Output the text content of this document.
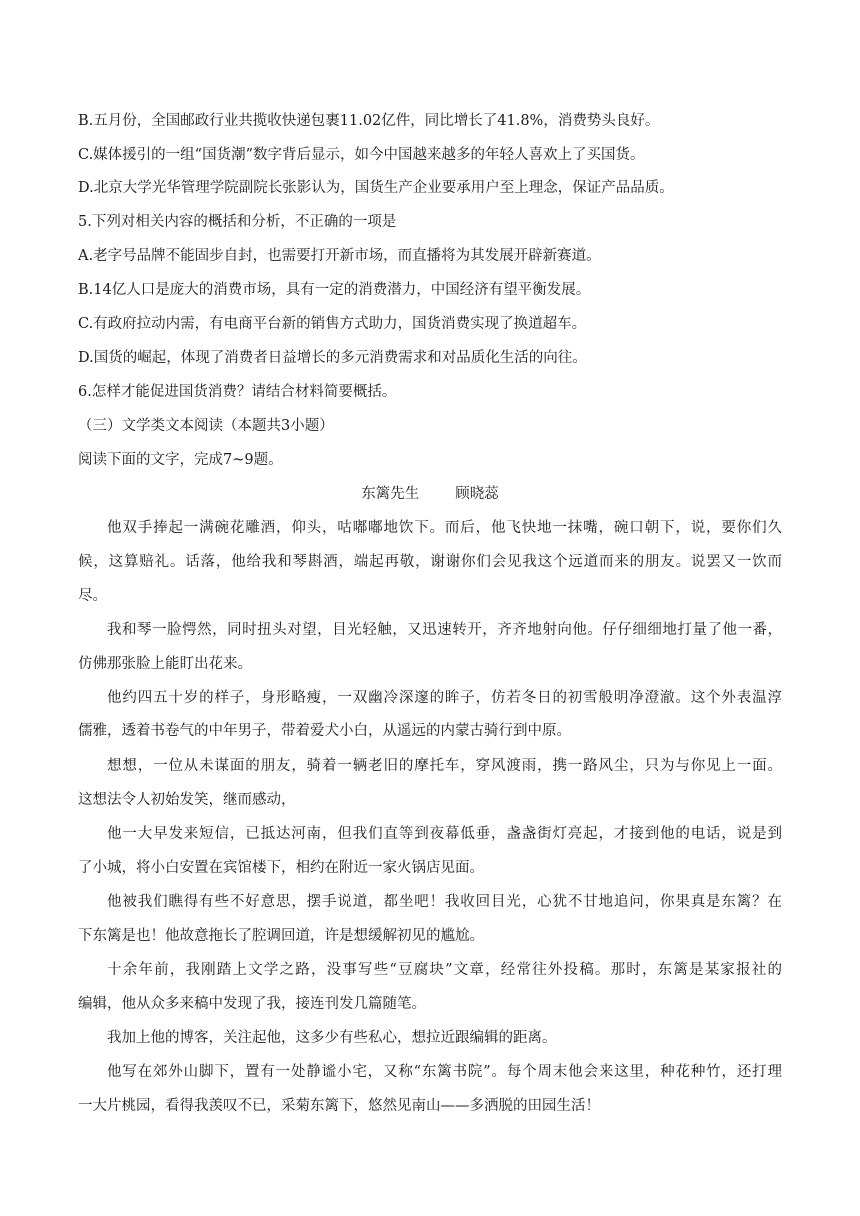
B.五月份，全国邮政行业共揽收快递包裹11.02亿件，同比增长了41.8%，消费势头良好。
C.媒体援引的一组“国货潮”数字背后显示，如今中国越来越多的年轻人喜欢上了买国货。
D.北京大学光华管理学院副院长张影认为，国货生产企业要承用户至上理念，保证产品品质。
5.下列对相关内容的概括和分析，不正确的一项是
A.老字号品牌不能固步自封，也需要打开新市场，而直播将为其发展开辟新赛道。
B.14亿人口是庞大的消费市场，具有一定的消费潜力，中国经济有望平衡发展。
C.有政府拉动内需，有电商平台新的销售方式助力，国货消费实现了换道超车。
D.国货的崛起，体现了消费者日益增长的多元消费需求和对品质化生活的向往。
6.怎样才能促进国货消费？请结合材料简要概括。
（三）文学类文本阅读（本题共3小题）
阅读下面的文字，完成7~9题。
东篱先生 顾晓蕊
他双手捧起一满碗花雕酒，仰头，咕嘟嘟地饮下。而后，他飞快地一抹嘴，碗口朝下，说，要你们久
候，这算赔礼。话落，他给我和琴斟酒，端起再敬，谢谢你们会见我这个远道而来的朋友。说罢又一饮而
尽。
我和琴一脸愕然，同时扭头对望，目光轻触，又迅速转开，齐齐地射向他。仔仔细细地打量了他一番，
仿佛那张脸上能盯出花来。
他约四五十岁的样子，身形略瘦，一双幽冷深邃的眸子，仿若冬日的初雪般明净澄澈。这个外表温淳
儒雅，透着书卷气的中年男子，带着爱犬小白，从遥远的内蒙古骑行到中原。
想想，一位从未谋面的朋友，骑着一辆老旧的摩托车，穿风渡雨，携一路风尘，只为与你见上一面。
这想法令人初始发笑，继而感动，
他一大早发来短信，已抵达河南，但我们直等到夜幕低垂，盏盏街灯亮起，才接到他的电话，说是到
了小城，将小白安置在宾馆楼下，相约在附近一家火锅店见面。
他被我们瞧得有些不好意思，摆手说道，都坐吧！我收回目光，心犹不甘地追问，你果真是东篱？在
下东篱是也！他故意拖长了腔调回道，许是想缓解初见的尴尬。
十余年前，我刚踏上文学之路，没事写些“豆腐块”文章，经常往外投稿。那时，东篱是某家报社的
编辑，他从众多来稿中发现了我，接连刊发几篇随笔。
我加上他的博客，关注起他，这多少有些私心，想拉近跟编辑的距离。
他写在郊外山脚下，置有一处静谧小宅，又称“东篱书院”。每个周末他会来这里，种花种竹，还打理
一大片桃园，看得我羡叹不已，采菊东篱下，悠然见南山——多洒脱的田园生活！
